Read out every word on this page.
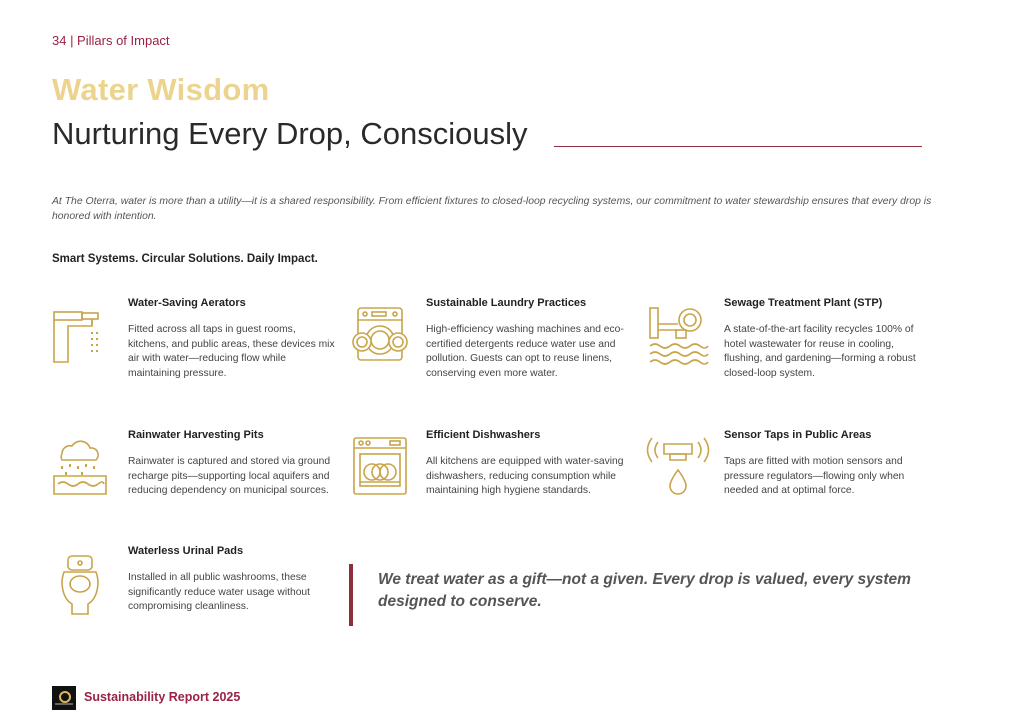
34 | Pillars of Impact
Water Wisdom
Nurturing Every Drop, Consciously
At The Oterra, water is more than a utility—it is a shared responsibility. From efficient fixtures to closed-loop recycling systems, our commitment to water stewardship ensures that every drop is honored with intention.
Smart Systems. Circular Solutions. Daily Impact.
Water-Saving Aerators
Fitted across all taps in guest rooms, kitchens, and public areas, these devices mix air with water—reducing flow while maintaining pressure.
Sustainable Laundry Practices
High-efficiency washing machines and eco-certified detergents reduce water use and pollution. Guests can opt to reuse linens, conserving even more water.
Sewage Treatment Plant (STP)
A state-of-the-art facility recycles 100% of hotel wastewater for reuse in cooling, flushing, and gardening—forming a robust closed-loop system.
Rainwater Harvesting Pits
Rainwater is captured and stored via ground recharge pits—supporting local aquifers and reducing dependency on municipal sources.
Efficient Dishwashers
All kitchens are equipped with water-saving dishwashers, reducing consumption while maintaining high hygiene standards.
Sensor Taps in Public Areas
Taps are fitted with motion sensors and pressure regulators—flowing only when needed and at optimal force.
Waterless Urinal Pads
Installed in all public washrooms, these significantly reduce water usage without compromising cleanliness.
We treat water as a gift—not a given. Every drop is valued, every system designed to conserve.
Sustainability Report 2025
